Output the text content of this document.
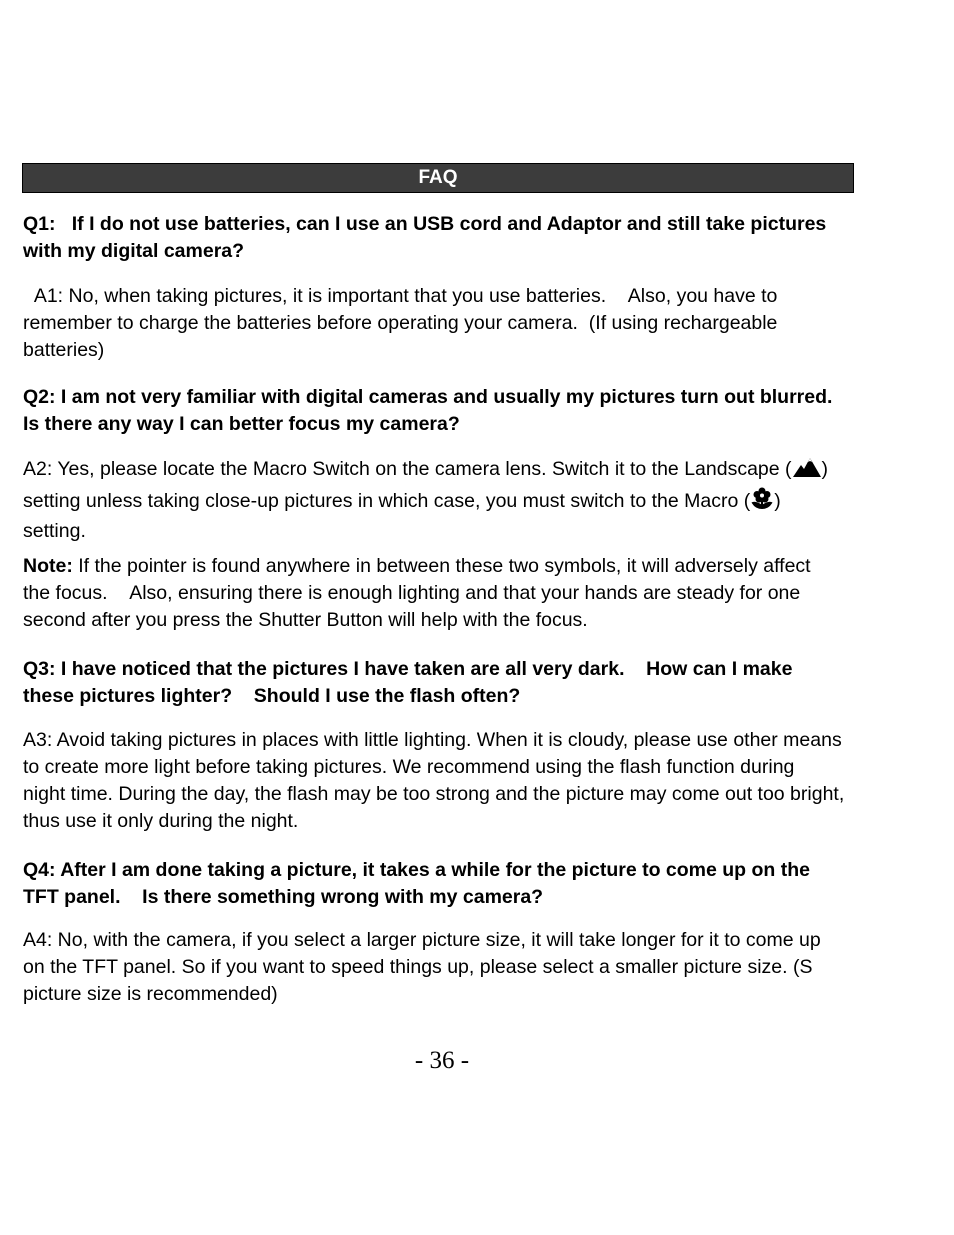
FAQ
Q1:   If I do not use batteries, can I use an USB cord and Adaptor and still take pictures
with my digital camera?
A1: No, when taking pictures, it is important that you use batteries.    Also, you have to
remember to charge the batteries before operating your camera.  (If using rechargeable
batteries)
Q2: I am not very familiar with digital cameras and usually my pictures turn out blurred.
Is there any way I can better focus my camera?
A2: Yes, please locate the Macro Switch on the camera lens. Switch it to the Landscape ( )
setting unless taking close-up pictures in which case, you must switch to the Macro ( )
setting.
Note: If the pointer is found anywhere in between these two symbols, it will adversely affect
the focus.    Also, ensuring there is enough lighting and that your hands are steady for one
second after you press the Shutter Button will help with the focus.
Q3: I have noticed that the pictures I have taken are all very dark.    How can I make
these pictures lighter?    Should I use the flash often?
A3: Avoid taking pictures in places with little lighting. When it is cloudy, please use other means
to create more light before taking pictures. We recommend using the flash function during
night time. During the day, the flash may be too strong and the picture may come out too bright,
thus use it only during the night.
Q4: After I am done taking a picture, it takes a while for the picture to come up on the
TFT panel.    Is there something wrong with my camera?
A4: No, with the camera, if you select a larger picture size, it will take longer for it to come up
on the TFT panel. So if you want to speed things up, please select a smaller picture size. (S
picture size is recommended)
- 36 -
